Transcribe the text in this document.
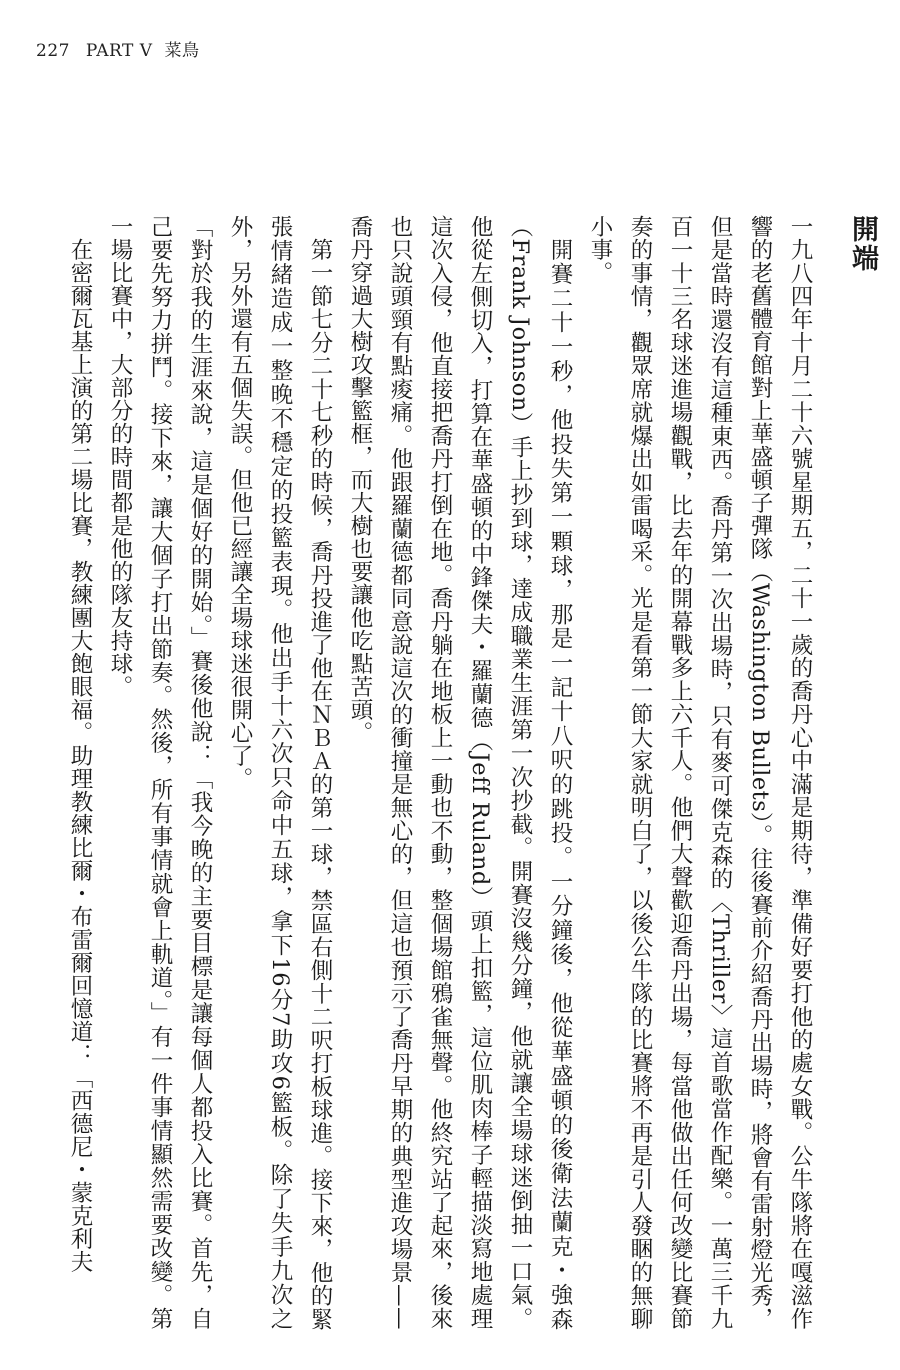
227 PART V 菜鳥
開端

一九八四年十月二十六號星期五，二十一歲的喬丹心中滿是期待，準備好要打他的處女戰。公牛隊將在嘎滋作響的老舊體育館對上華盛頓子彈隊（Washington Bullets）。往後賽前介紹喬丹出場時，將會有雷射燈光秀，但是當時還沒有這種東西。喬丹第一次出場時，只有麥可傑克森的〈Thriller〉這首歌當作配樂。一萬三千九百一十三名球迷進場觀戰，比去年的開幕戰多上六千人。他們大聲歡迎喬丹出場，每當他做出任何改變比賽節奏的事情，觀眾席就爆出如雷喝采。光是看第一節大家就明白了，以後公牛隊的比賽將不再是引人發睏的無聊小事。

開賽二十一秒，他投失第一顆球，那是一記十八呎的跳投。一分鐘後，他從華盛頓的後衛法蘭克・強森（Frank Johnson）手上抄到球，達成職業生涯第一次抄截。開賽沒幾分鐘，他就讓全場球迷倒抽一口氣。他從左側切入，打算在華盛頓的中鋒傑夫・羅蘭德（Jeff Ruland）頭上扣籃，這位肌肉棒子輕描淡寫地處理這次入侵，他直接把喬丹打倒在地。喬丹躺在地板上一動也不動，整個場館鴉雀無聲。他終究站了起來，後來也只說頭頸有點痠痛。他跟羅蘭德都同意說這次的衝撞是無心的，但這也預示了喬丹早期的典型進攻場景——喬丹穿過大樹攻擊籃框，而大樹也要讓他吃點苦頭。

第一節七分二十七秒的時候，喬丹投進了他在ＮＢＡ的第一球，禁區右側十二呎打板球進。接下來，他的緊張情緒造成一整晚不穩定的投籃表現。他出手十六次只命中五球，拿下16分7助攻6籃板。除了失手九次之外，另外還有五個失誤。但他已經讓全場球迷很開心了。

「對於我的生涯來說，這是個好的開始。」賽後他說：「我今晚的主要目標是讓每個人都投入比賽。首先，自己要先努力拼鬥。接下來，讓大個子打出節奏。然後，所有事情就會上軌道。」有一件事情顯然需要改變。第一場比賽中，大部分的時間都是他的隊友持球。

在密爾瓦基上演的第二場比賽，教練團大飽眼福。助理教練比爾・布雷爾回憶道：「西德尼・蒙克利夫
